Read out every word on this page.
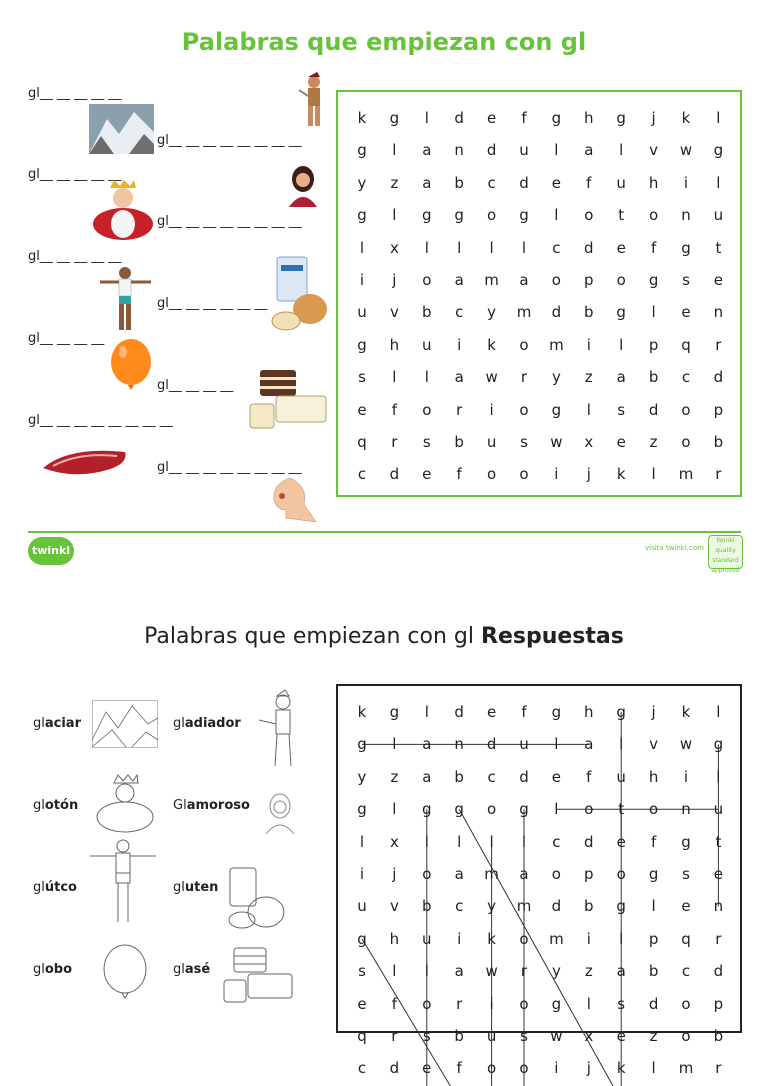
Palabras que empiezan con gl
gl__ __ __ __ __
gl__ __ __ __ __ __ __ __
gl__ __ __ __ __
gl__ __ __ __ __ __ __ __
gl__ __ __ __ __
gl__ __ __ __ __ __
gl__ __ __ __
gl__ __ __ __
gl__ __ __ __ __ __ __ __
gl__ __ __ __ __ __ __ __
k	g	l	d	e	f	g	h	g	j	k	l
g	l	a	n	d	u	l	a	l	v	w	g
y	z	a	b	c	d	e	f	u	h	i	l
g	l	g	g	o	g	l	o	t	o	n	u
l	x	l	l	l	l	c	d	e	f	g	t
i	j	o	a	m	a	o	p	o	g	s	e
u	v	b	c	y	m	d	b	g	l	e	n
g	h	u	i	k	o	m	i	l	p	q	r
s	l	l	a	w	r	y	z	a	b	c	d
e	f	o	r	i	o	g	l	s	d	o	p
q	r	s	b	u	s	w	x	e	z	o	b
c	d	e	f	o	o	i	j	k	l	m	r
twinkl	visita twinkl.com
twinkl quality standard approved
Palabras que empiezan con gl Respuestas
glaciar	gladiador
glotón	Glamoroso
glútco	gluten
globo	glasé
k	g	l	d	e	f	g	h	g	j	k	l
g	l	a	n	d	u	l	a	l	v	w	g
y	z	a	b	c	d	e	f	u	h	i	l
g	l	g	g	o	g	l	o	t	o	n	u
l	x	l	l	l	l	c	d	e	f	g	t
i	j	o	a	m	a	o	p	o	g	s	e
u	v	b	c	y	m	d	b	g	l	e	n
g	h	u	i	k	o	m	i	l	p	q	r
s	l	l	a	w	r	y	z	a	b	c	d
e	f	o	r	i	o	g	l	s	d	o	p
q	r	s	b	u	s	w	x	e	z	o	b
c	d	e	f	o	o	i	j	k	l	m	r
